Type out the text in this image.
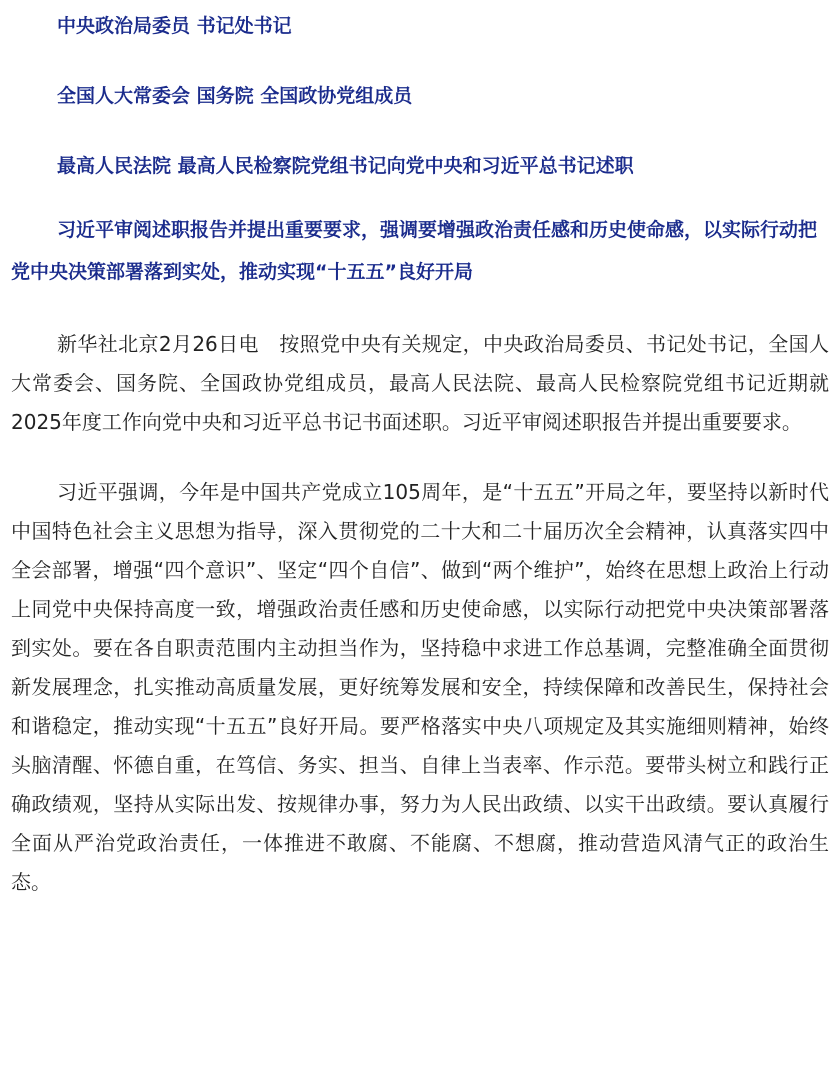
中央政治局委员 书记处书记

全国人大常委会 国务院 全国政协党组成员

最高人民法院 最高人民检察院党组书记向党中央和习近平总书记述职

习近平审阅述职报告并提出重要要求，强调要增强政治责任感和历史使命感，以实际行动把党中央决策部署落到实处，推动实现“十五五”良好开局

新华社北京2月26日电　按照党中央有关规定，中央政治局委员、书记处书记，全国人大常委会、国务院、全国政协党组成员，最高人民法院、最高人民检察院党组书记近期就2025年度工作向党中央和习近平总书记书面述职。习近平审阅述职报告并提出重要要求。

习近平强调，今年是中国共产党成立105周年，是“十五五”开局之年，要坚持以新时代中国特色社会主义思想为指导，深入贯彻党的二十大和二十届历次全会精神，认真落实四中全会部署，增强“四个意识”、坚定“四个自信”、做到“两个维护”，始终在思想上政治上行动上同党中央保持高度一致，增强政治责任感和历史使命感，以实际行动把党中央决策部署落到实处。要在各自职责范围内主动担当作为，坚持稳中求进工作总基调，完整准确全面贯彻新发展理念，扎实推动高质量发展，更好统筹发展和安全，持续保障和改善民生，保持社会和谐稳定，推动实现“十五五”良好开局。要严格落实中央八项规定及其实施细则精神，始终头脑清醒、怀德自重，在笃信、务实、担当、自律上当表率、作示范。要带头树立和践行正确政绩观，坚持从实际出发、按规律办事，努力为人民出政绩、以实干出政绩。要认真履行全面从严治党政治责任，一体推进不敢腐、不能腐、不想腐，推动营造风清气正的政治生态。
